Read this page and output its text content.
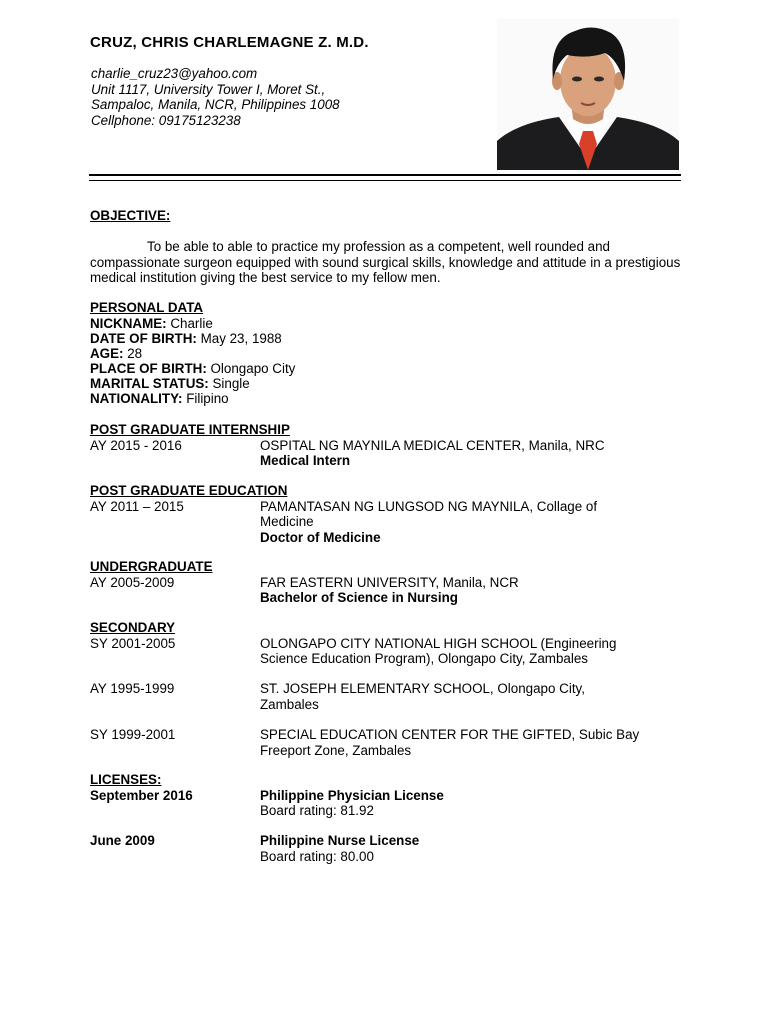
CRUZ, CHRIS CHARLEMAGNE Z. M.D.
charlie_cruz23@yahoo.com
Unit 1117, University Tower I, Moret St.,
Sampaloc, Manila, NCR, Philippines 1008
Cellphone: 09175123238
OBJECTIVE:

To be able to able to practice my profession as a competent, well rounded and compassionate surgeon equipped with sound surgical skills, knowledge and attitude in a prestigious medical institution giving the best service to my fellow men.

PERSONAL DATA
NICKNAME: Charlie
DATE OF BIRTH: May 23, 1988
AGE: 28
PLACE OF BIRTH: Olongapo City
MARITAL STATUS: Single
NATIONALITY: Filipino
POST GRADUATE INTERNSHIP
AY 2015 - 2016	OSPITAL NG MAYNILA MEDICAL CENTER, Manila, NRC
Medical Intern
POST GRADUATE EDUCATION
AY 2011 – 2015	PAMANTASAN NG LUNGSOD NG MAYNILA, Collage of Medicine
Doctor of Medicine
UNDERGRADUATE
AY 2005-2009	FAR EASTERN UNIVERSITY, Manila, NCR
Bachelor of Science in Nursing
SECONDARY
SY 2001-2005	OLONGAPO CITY NATIONAL HIGH SCHOOL (Engineering Science Education Program), Olongapo City, Zambales
AY 1995-1999	ST. JOSEPH ELEMENTARY SCHOOL, Olongapo City, Zambales
SY 1999-2001	SPECIAL EDUCATION CENTER FOR THE GIFTED, Subic Bay Freeport Zone, Zambales
LICENSES:
September 2016	Philippine Physician License
Board rating: 81.92
June 2009	Philippine Nurse License
Board rating: 80.00
